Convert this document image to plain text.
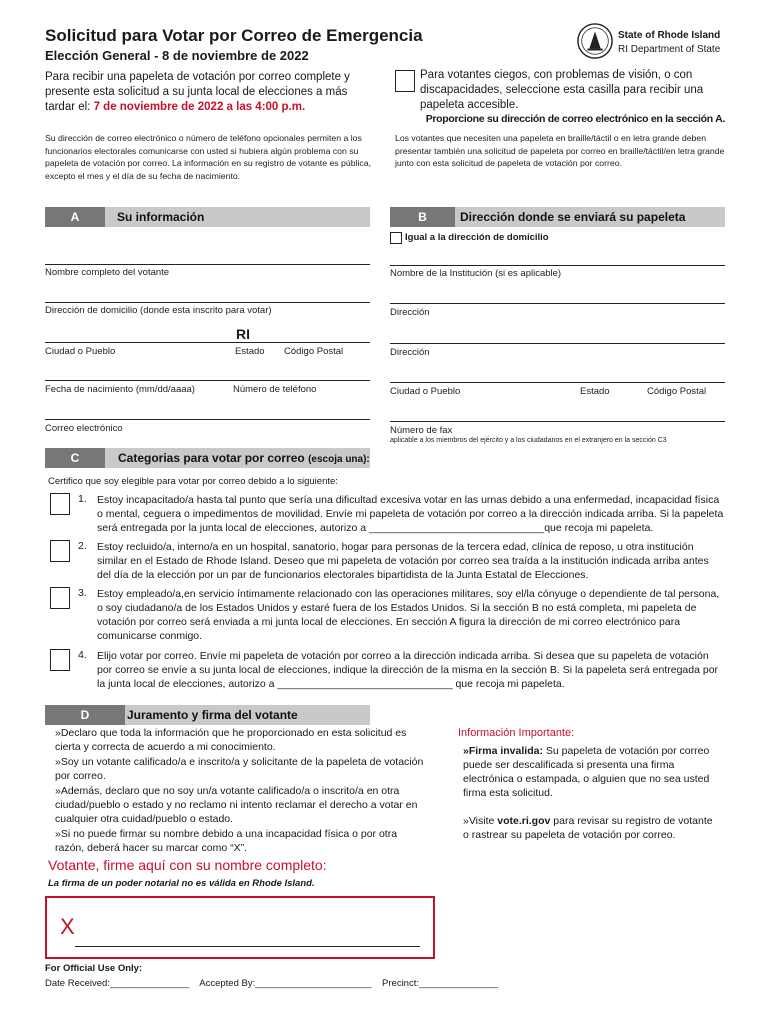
Solicitud para Votar por Correo de Emergencia
Elección General - 8 de noviembre de 2022
State of Rhode Island
RI Department of State
Para recibir una papeleta de votación por correo complete y presente esta solicitud a su junta local de elecciones a más tardar el: 7 de noviembre de 2022 a las 4:00 p.m.
Para votantes ciegos, con problemas de visión, o con discapacidades, seleccione esta casilla para recibir una papeleta accesible.
Proporcione su dirección de correo electrónico en la sección A.
Su dirección de correo electrónico o número de teléfono opcionales permiten a los funcionarios electorales comunicarse con usted si hubiera algún problema con su papeleta de votación por correo. La información en su registro de votante es pública, excepto el mes y el día de su fecha de nacimiento.
Los votantes que necesiten una papeleta en braille/táctil o en letra grande deben presentar también una solicitud de papeleta por correo en braille/táctil/en letra grande junto con esta solicitud de papeleta de votación por correo.
A	Su información	B	Dirección donde se enviará su papeleta
Igual a la dirección de domicilio
Nombre completo del votante
Dirección de domicilio (donde esta inscrito para votar)
RI
Ciudad o Pueblo	Estado Código Postal
Fecha de nacimiento (mm/dd/aaaa)	Número de teléfono
Correo electrónico
Nombre de la Institución (si es aplicable)
Dirección
Dirección
Ciudad o Pueblo	Estado	Código Postal
Número de fax
aplicable a los miembros del ejército y a los ciudadanos en el extranjero en la sección C3
C	Categorias para votar por correo (escoja una):
Certifico que soy elegible para votar por correo debido a lo siguiente:
1. Estoy incapacitado/a hasta tal punto que sería una dificultad excesiva votar en las urnas debido a una enfermedad, incapacidad física o mental, ceguera o impedimentos de movilidad. Envíe mi papeleta de votación por correo a la dirección indicada arriba. Si la papeleta será entregada por la junta local de elecciones, autorizo a ______________________________que recoja mi papeleta.
2. Estoy recluido/a, interno/a en un hospital, sanatorio, hogar para personas de la tercera edad, clínica de reposo, u otra institución similar en el Estado de Rhode Island. Deseo que mi papeleta de votación por correo sea traída a la institución indicada arriba antes del día de la elección por un par de funcionarios electorales bipartidista de la Junta Estatal de Elecciones.
3. Estoy empleado/a,en servicio íntimamente relacionado con las operaciones militares, soy el/la cónyuge o dependiente de tal persona, o soy ciudadano/a de los Estados Unidos y estaré fuera de los Estados Unidos. Si la sección B no está completa, mi papeleta de votación por correo será enviada a mi junta local de elecciones. En sección A figura la dirección de mi correo electrónico para comunicarse conmigo.
4. Elijo votar por correo. Envíe mi papeleta de votación por correo a la dirección indicada arriba. Si desea que su papeleta de votación por correo se envíe a su junta local de elecciones, indique la dirección de la misma en la sección B. Si la papeleta será entregada por la junta local de elecciones, autorizo a ______________________________ que recoja mi papeleta.
D	Juramento y firma del votante
»Declaro que toda la información que he proporcionado en esta solicitud es cierta y correcta de acuerdo a mi conocimiento.
»Soy un votante calificado/a e inscrito/a y solicitante de la papeleta de votación por correo.
»Además, declaro que no soy un/a votante calificado/a o inscrito/a en otra ciudad/pueblo o estado y no reclamo ni intento reclamar el derecho a votar en cualquier otra cuidad/pueblo o estado.
»Si no puede firmar su nombre debido a una incapacidad física o por otra razón, deberá hacer su marcar como “X”.
Información Importante:
»Firma invalida: Su papeleta de votación por correo puede ser descalificada si presenta una firma electrónica o estampada, o alguien que no sea usted firma esta solicitud.
»Visite vote.ri.gov para revisar su registro de votante o rastrear su papeleta de votación por correo.
Votante, firme aquí con su nombre completo:
La firma de un poder notarial no es válida en Rhode Island.
X
For Official Use Only:
Date Received:_______________ Accepted By:______________________ Precinct:_______________
